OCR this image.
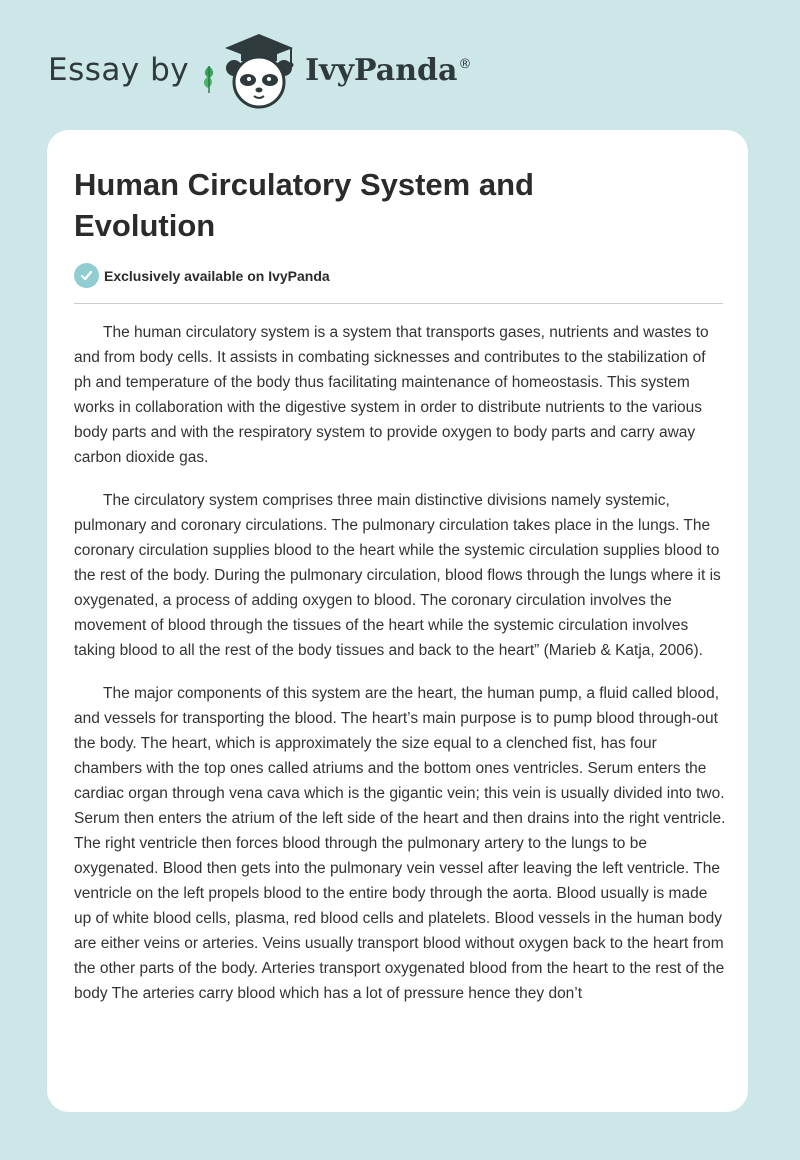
Essay by	IvyPanda ®
Human Circulatory System and Evolution
Exclusively available on IvyPanda

The human circulatory system is a system that transports gases, nutrients and wastes to and from body cells. It assists in combating sicknesses and contributes to the stabilization of ph and temperature of the body thus facilitating maintenance of homeostasis. This system works in collaboration with the digestive system in order to distribute nutrients to the various body parts and with the respiratory system to provide oxygen to body parts and carry away carbon dioxide gas.

The circulatory system comprises three main distinctive divisions namely systemic, pulmonary and coronary circulations. The pulmonary circulation takes place in the lungs. The coronary circulation supplies blood to the heart while the systemic circulation supplies blood to the rest of the body. During the pulmonary circulation, blood flows through the lungs where it is oxygenated, a process of adding oxygen to blood. The coronary circulation involves the movement of blood through the tissues of the heart while the systemic circulation involves taking blood to all the rest of the body tissues and back to the heart” (Marieb & Katja, 2006).

The major components of this system are the heart, the human pump, a fluid called blood, and vessels for transporting the blood. The heart’s main purpose is to pump blood through-out the body. The heart, which is approximately the size equal to a clenched fist, has four chambers with the top ones called atriums and the bottom ones ventricles. Serum enters the cardiac organ through vena cava which is the gigantic vein; this vein is usually divided into two. Serum then enters the atrium of the left side of the heart and then drains into the right ventricle. The right ventricle then forces blood through the pulmonary artery to the lungs to be oxygenated. Blood then gets into the pulmonary vein vessel after leaving the left ventricle. The ventricle on the left propels blood to the entire body through the aorta. Blood usually is made up of white blood cells, plasma, red blood cells and platelets. Blood vessels in the human body are either veins or arteries. Veins usually transport blood without oxygen back to the heart from the other parts of the body. Arteries transport oxygenated blood from the heart to the rest of the body The arteries carry blood which has a lot of pressure hence they don’t
